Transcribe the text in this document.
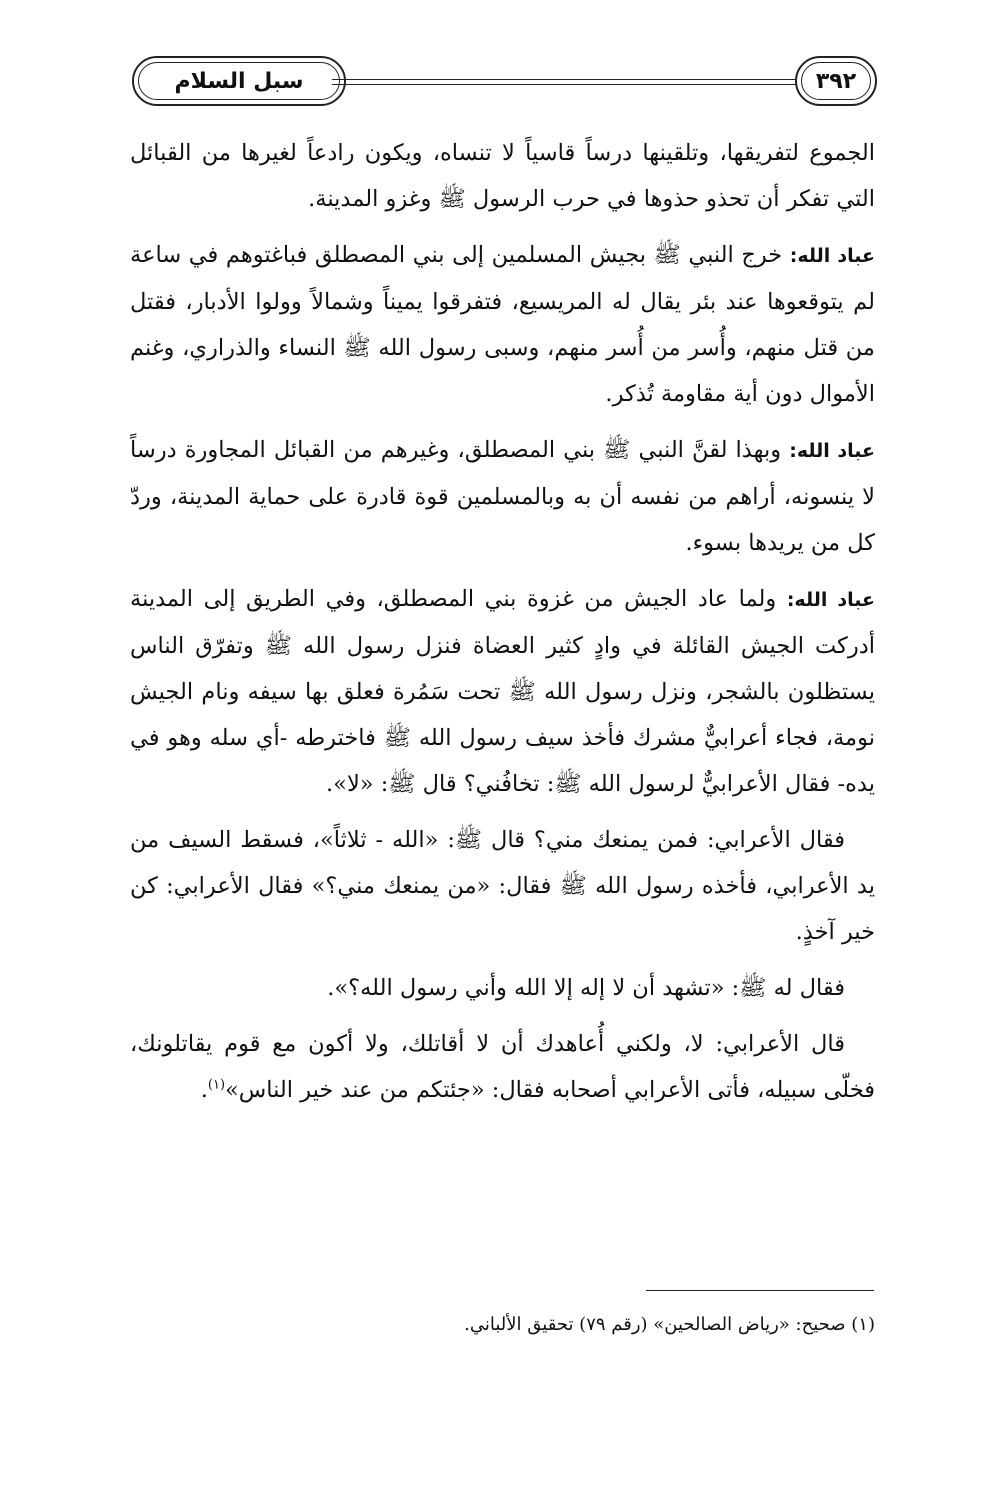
سبل السلام	٣٩٢

الجموع لتفريقها، وتلقينها درساً قاسياً لا تنساه، ويكون رادعاً لغيرها من القبائل التي تفكر أن تحذو حذوها في حرب الرسول ﷺ وغزو المدينة.

عباد الله: خرج النبي ﷺ بجيش المسلمين إلى بني المصطلق فباغتوهم في ساعة لم يتوقعوها عند بئر يقال له المريسيع، فتفرقوا يميناً وشمالاً وولوا الأدبار، فقتل من قتل منهم، وأُسر من أُسر منهم، وسبى رسول الله ﷺ النساء والذراري، وغنم الأموال دون أية مقاومة تُذكر.

عباد الله: وبهذا لقنَّ النبي ﷺ بني المصطلق، وغيرهم من القبائل المجاورة درساً لا ينسونه، أراهم من نفسه أن به وبالمسلمين قوة قادرة على حماية المدينة، وردّ كل من يريدها بسوء.

عباد الله: ولما عاد الجيش من غزوة بني المصطلق، وفي الطريق إلى المدينة أدركت الجيش القائلة في وادٍ كثير العضاة فنزل رسول الله ﷺ وتفرّق الناس يستظلون بالشجر، ونزل رسول الله ﷺ تحت سَمُرة فعلق بها سيفه ونام الجيش نومة، فجاء أعرابيٌّ مشرك فأخذ سيف رسول الله ﷺ فاخترطه -أي سله وهو في يده- فقال الأعرابيٌّ لرسول الله ﷺ: تخافُني؟ قال ﷺ: «لا».

فقال الأعرابي: فمن يمنعك مني؟ قال ﷺ: «الله - ثلاثاً»، فسقط السيف من يد الأعرابي، فأخذه رسول الله ﷺ فقال: «من يمنعك مني؟» فقال الأعرابي: كن خير آخذٍ.

فقال له ﷺ: «تشهد أن لا إله إلا الله وأني رسول الله؟».

قال الأعرابي: لا، ولكني أُعاهدك أن لا أقاتلك، ولا أكون مع قوم يقاتلونك، فخلّى سبيله، فأتى الأعرابي أصحابه فقال: «جئتكم من عند خير الناس»$^{(١)}$.

(١) صحيح: «رياض الصالحين» (رقم ٧٩) تحقيق الألباني.
